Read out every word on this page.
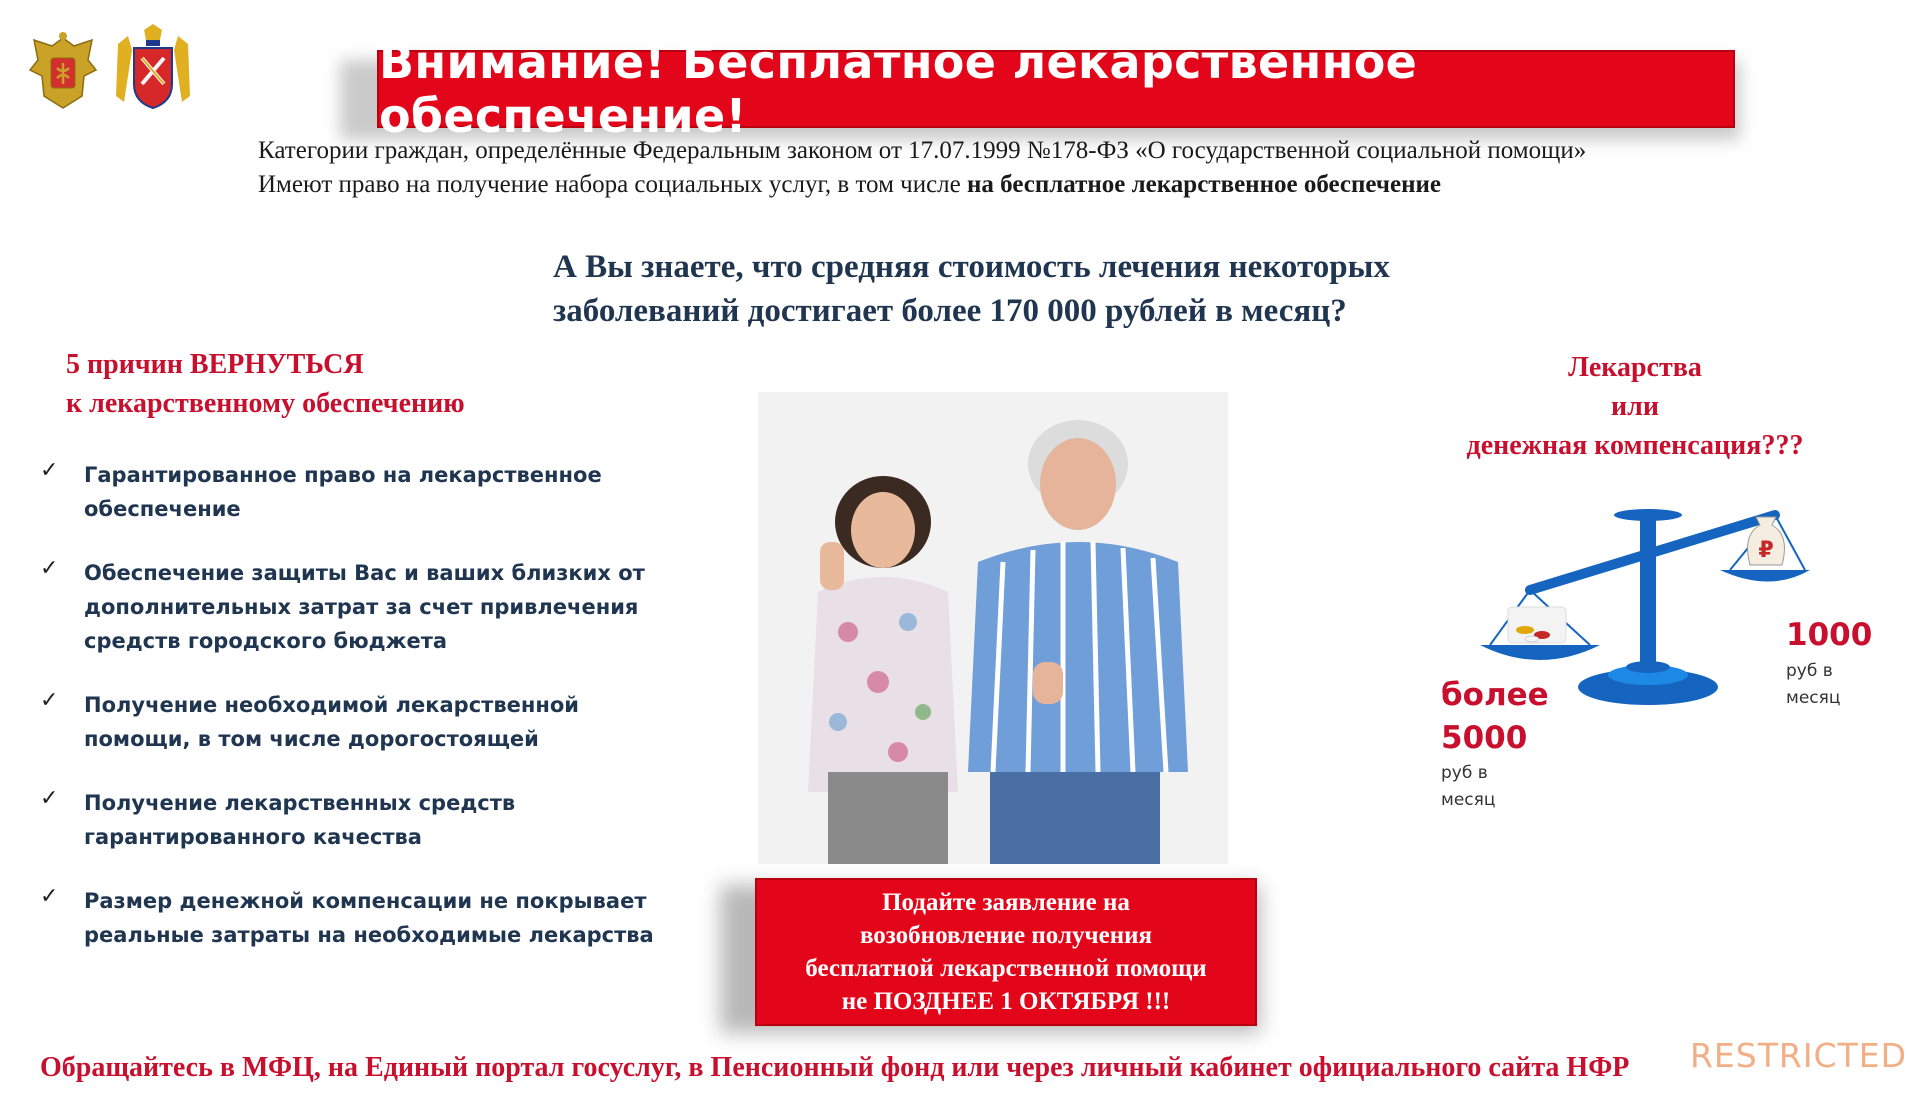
Внимание! Бесплатное лекарственное обеспечение!
Категории граждан, определённые Федеральным законом от 17.07.1999 №178-ФЗ «О государственной социальной помощи»
Имеют право на получение набора социальных услуг, в том числе на бесплатное лекарственное обеспечение
А Вы знаете, что средняя стоимость лечения некоторых
заболеваний достигает более 170 000 рублей в месяц?
5 причин ВЕРНУТЬСЯ
к лекарственному обеспечению
✓ Гарантированное право на лекарственное обеспечение
✓ Обеспечение защиты Вас и ваших близких от дополнительных затрат за счет привлечения средств городского бюджета
✓ Получение необходимой лекарственной помощи, в том числе дорогостоящей
✓ Получение лекарственных средств гарантированного качества
✓ Размер денежной компенсации не покрывает реальные затраты на необходимые лекарства
Подайте заявление на
возобновление получения
бесплатной лекарственной помощи
не ПОЗДНЕЕ 1 ОКТЯБРЯ !!!
Лекарства
или
денежная компенсация???
₽
более
5000
руб в месяц
1000
руб в месяц
Обращайтесь в МФЦ, на Единый портал госуслуг, в Пенсионный фонд или через личный кабинет официального сайта НФР RESTRICTED
